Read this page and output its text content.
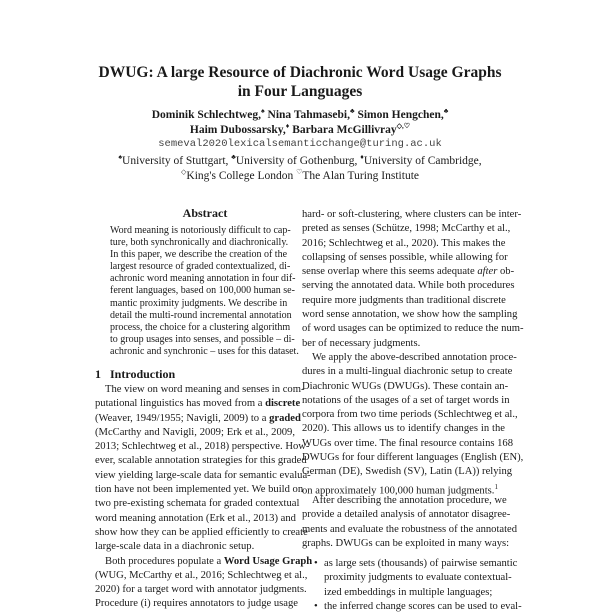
DWUG: A large Resource of Diachronic Word Usage Graphs
in Four Languages
Dominik Schlechtweg,♠ Nina Tahmasebi,♣ Simon Hengchen,♣
Haim Dubossarsky,♦ Barbara McGillivray◇,♡
semeval2020lexicalsemanticchange@turing.ac.uk
♠University of Stuttgart, ♣University of Gothenburg, ♦University of Cambridge,
◇King's College London ♡The Alan Turing Institute
Abstract
Word meaning is notoriously difficult to cap-
ture, both synchronically and diachronically.
In this paper, we describe the creation of the
largest resource of graded contextualized, di-
achronic word meaning annotation in four dif-
ferent languages, based on 100,000 human se-
mantic proximity judgments. We describe in
detail the multi-round incremental annotation
process, the choice for a clustering algorithm
to group usages into senses, and possible – di-
achronic and synchronic – uses for this dataset.
1 Introduction
The view on word meaning and senses in com-
putational linguistics has moved from a discrete
(Weaver, 1949/1955; Navigli, 2009) to a graded
(McCarthy and Navigli, 2009; Erk et al., 2009,
2013; Schlechtweg et al., 2018) perspective. How-
ever, scalable annotation strategies for this graded
view yielding large-scale data for semantic evalua-
tion have not been implemented yet. We build on
two pre-existing schemata for graded contextual
word meaning annotation (Erk et al., 2013) and
show how they can be applied efficiently to create
large-scale data in a diachronic setup.
Both procedures populate a Word Usage Graph
(WUG, McCarthy et al., 2016; Schlechtweg et al.,
2020) for a target word with annotator judgments.
Procedure (i) requires annotators to judge usage
hard- or soft-clustering, where clusters can be inter-
preted as senses (Schütze, 1998; McCarthy et al.,
2016; Schlechtweg et al., 2020). This makes the
collapsing of senses possible, while allowing for
sense overlap where this seems adequate after ob-
serving the annotated data. While both procedures
require more judgments than traditional discrete
word sense annotation, we show how the sampling
of word usages can be optimized to reduce the num-
ber of necessary judgments.
We apply the above-described annotation proce-
dures in a multi-lingual diachronic setup to create
Diachronic WUGs (DWUGs). These contain an-
notations of the usages of a set of target words in
corpora from two time periods (Schlechtweg et al.,
2020). This allows us to identify changes in the
WUGs over time. The final resource contains 168
DWUGs for four different languages (English (EN),
German (DE), Swedish (SV), Latin (LA)) relying
on approximately 100,000 human judgments.$^1$
After describing the annotation procedure, we
provide a detailed analysis of annotator disagree-
ments and evaluate the robustness of the annotated
graphs. DWUGs can be exploited in many ways:
• as large sets (thousands) of pairwise semantic
proximity judgments to evaluate contextual-
ized embeddings in multiple languages;
• the inferred change scores can be used to eval-
